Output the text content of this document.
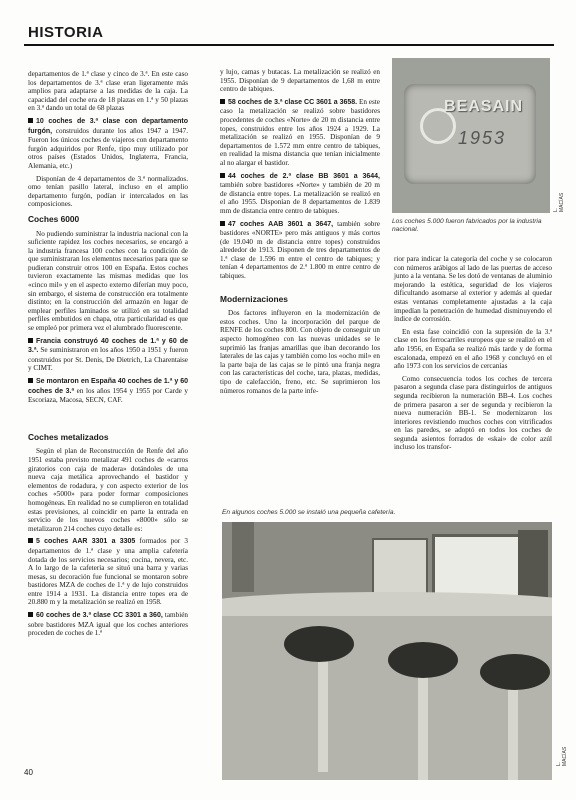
HISTORIA

departamentos de 1.ª clase y cinco de 3.ª. En este caso los departamentos de 3.ª clase eran ligeramente más amplios para adaptarse a las medidas de la caja. La capacidad del coche era de 18 plazas en 1.ª y 50 plazas en 3.ª dando un total de 68 plazas

10 coches de 3.ª clase con departamento furgón, construidos durante los años 1947 a 1947. Fueron los únicos coches de viajeros con departamento furgón adquiridos por Renfe, tipo muy utilizado por otros países (Estados Unidos, Inglaterra, Francia, Alemania, etc.)

Disponían de 4 departamentos de 3.ª normalizados. omo tenían pasillo lateral, incluso en el amplio departamento furgón, podían ir intercalados en las composiciones.

Coches 6000

No pudiendo suministrar la industria nacional con la suficiente rapidez los coches necesarios, se encargó a la industria francesa 100 coches con la condición de que suministraran los elementos necesarios para que se pudieran construir otros 100 en España. Estos coches tuvieron exactamente las mismas medidas que los «cinco mil» y en el aspecto externo diferían muy poco, sin embargo, el sistema de construcción era totalmente distinto; en la construcción del armazón en lugar de emplear perfiles laminados se utilizó en su totalidad perfiles embutidos en chapa, otra particularidad es que se empleó por primera vez el alumbrado fluorescente.

Francia construyó 40 coches de 1.ª y 60 de 3.ª. Se suministraron en los años 1950 a 1951 y fueron construidos por St. Denis, De Dietrich, La Charentaise y CIMT.

Se montaron en España 40 coches de 1.ª y 60 coches de 3.ª en los años 1954 y 1955 por Carde y Escoriaza, Macosa, SECN, CAF.

Coches metalizados

Según el plan de Reconstrucción de Renfe del año 1951 estaba previsto metalizar 491 coches de «carros giratorios con caja de madera» dotándoles de una nueva caja metálica aprovechando el bastidor y elementos de rodadura, y con aspecto exterior de los coches «5000» para poder formar composiciones homogéneas. En realidad no se cumplieron en totalidad estas previsiones, al coincidir en parte la entrada en servicio de los nuevos coches «8000» sólo se metalizaron 214 coches cuyo detalle es:

5 coches AAR 3301 a 3305 formados por 3 departamentos de 1.ª clase y una amplia cafetería dotada de los servicios necesarios; cocina, nevera, etc. A lo largo de la cafetería se situó una barra y varias mesas, su decoración fue funcional se montaron sobre bastidores MZA de coches de 1.ª y de lujo construidos entre 1914 a 1931. La distancia entre topes era de 20.880 m y la metalización se realizó en 1958.

60 coches de 3.ª clase CC 3301 a 360, también sobre bastidores MZA igual que los coches anteriores proceden de coches de 1.ª

y lujo, camas y butacas. La metalización se realizó en 1955. Disponían de 9 departamentos de 1,68 m entre centro de tabiques.

58 coches de 3.ª clase CC 3601 a 3658. En este caso la metalización se realizó sobre bastidores procedentes de coches «Norte» de 20 m distancia entre topes, construidos entre los años 1924 a 1929. La metalización se realizó en 1955. Disponían de 9 departamentos de 1.572 mm entre centro de tabiques, en realidad la misma distancia que tenían inicialmente al no alargar el bastidor.

44 coches de 2.ª clase BB 3601 a 3644, también sobre bastidores «Norte» y también de 20 m de distancia entre topes. La metalización se realizó en el año 1955. Disponían de 8 departamentos de 1.839 mm de distancia entre centro de tabiques.

47 coches AAB 3601 a 3647, también sobre bastidores «NORTE» pero más antiguos y más cortos (de 19.040 m de distancia entre topes) construidos alrededor de 1913. Disponen de tres departamentos de 1.ª clase de 1.596 m entre el centro de tabiques; y tenían 4 departamentos de 2.ª 1.800 m entre centro de tabiques.

Modernizaciones

Dos factores influyeron en la modernización de estos coches. Uno la incorporación del parque de RENFE de los coches 800. Con objeto de conseguir un aspecto homogéneo con las nuevas unidades se le suprimió las franjas amarillas que iban decorando los laterales de las cajas y también como los «ocho mil» en la parte baja de las cajas se le pintó una franja negra con las características del coche, tara, plazas, medidas, tipo de calefacción, freno, etc. Se suprimieron los números romanos de la parte infe-

BEASAIN
1953
Los coches 5.000 fueron fabricados por la industria nacional.
L. MACÍAS

rior para indicar la categoría del coche y se colocaron con números arábigos al lado de las puertas de acceso junto a la ventana. Se les dotó de ventanas de aluminio mejorando la estética, seguridad de los viajeros dificultando asomarse al exterior y además al quedar estas ventanas completamente ajustadas a la caja impedían la penetración de humedad disminuyendo el índice de corrosión.

En esta fase coincidió con la supresión de la 3.ª clase en los ferrocarriles europeos que se realizó en el año 1956, en España se realizó más tarde y de forma escalonada, empezó en el año 1968 y concluyó en el año 1973 con los servicios de cercanías

Como consecuencia todos los coches de tercera pasaron a segunda clase para distinguirlos de antiguos segunda recibieron la numeración BB-4. Los coches de primera pasaron a ser de segunda y recibieron la nueva numeración BB-1. Se modernizaron los interiores revistiendo muchos coches con vitrificados en las paredes, se adoptó en todos los coches de segunda asientos forrados de «skai» de color azúl incluso los transfor-

En algunos coches 5.000 se instaló una pequeña cafetería.
L. MACÍAS
40
